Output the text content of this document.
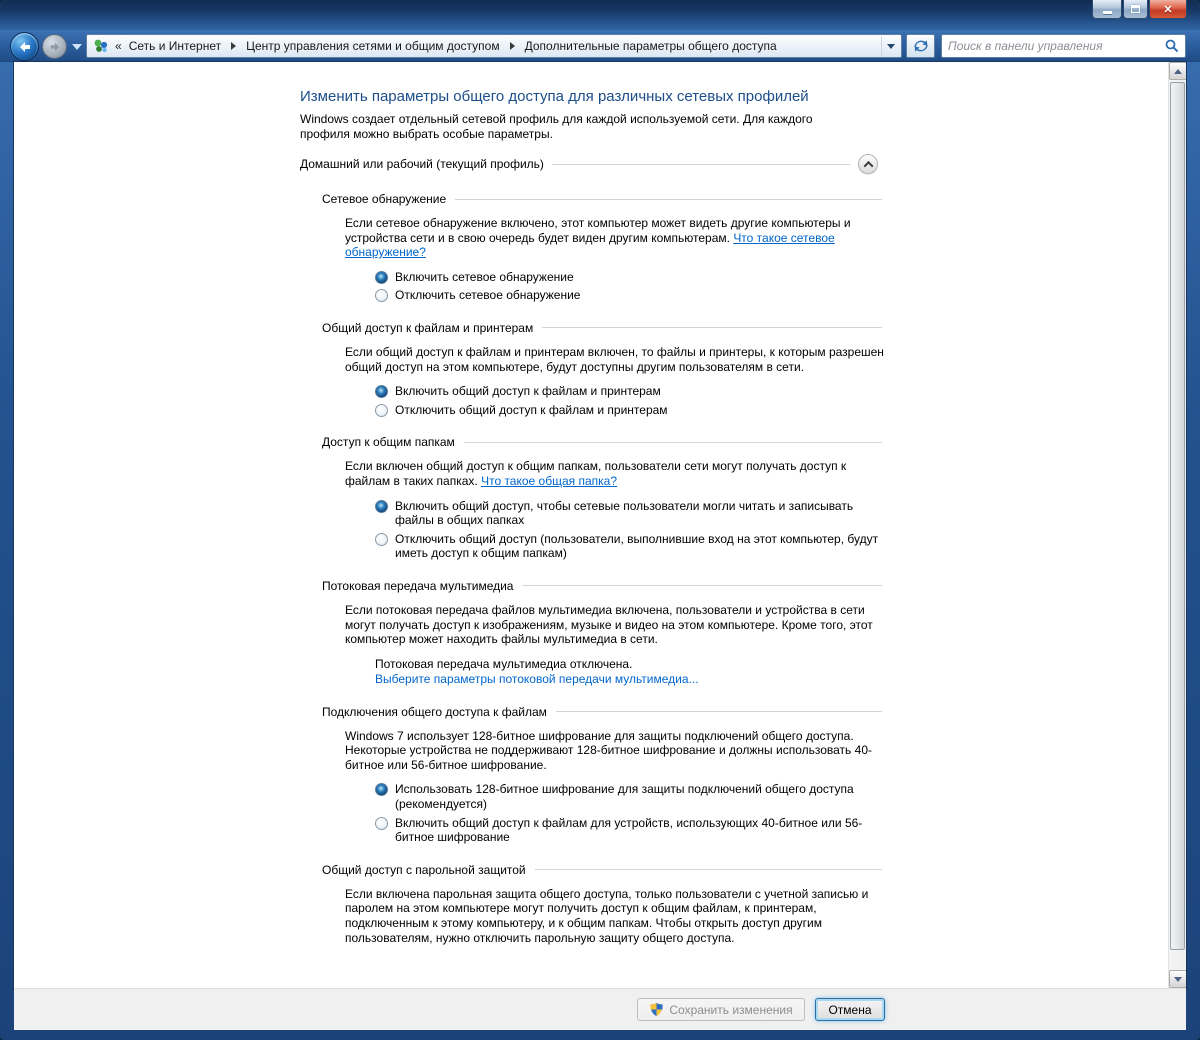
✕
« Сеть и Интернет	Центр управления сетями и общим доступом	Дополнительные параметры общего доступа
Поиск в панели управления
Изменить параметры общего доступа для различных сетевых профилей

Windows создает отдельный сетевой профиль для каждой используемой сети. Для каждого профиля можно выбрать особые параметры.

Домашний или рабочий (текущий профиль)
Сетевое обнаружение

Если сетевое обнаружение включено, этот компьютер может видеть другие компьютеры и устройства сети и в свою очередь будет виден другим компьютерам. Что такое сетевое обнаружение?

Включить сетевое обнаружение
Отключить сетевое обнаружение
Общий доступ к файлам и принтерам

Если общий доступ к файлам и принтерам включен, то файлы и принтеры, к которым разрешен общий доступ на этом компьютере, будут доступны другим пользователям в сети.

Включить общий доступ к файлам и принтерам
Отключить общий доступ к файлам и принтерам
Доступ к общим папкам

Если включен общий доступ к общим папкам, пользователи сети могут получать доступ к файлам в таких папках. Что такое общая папка?

Включить общий доступ, чтобы сетевые пользователи могли читать и записывать файлы в общих папках
Отключить общий доступ (пользователи, выполнившие вход на этот компьютер, будут иметь доступ к общим папкам)
Потоковая передача мультимедиа

Если потоковая передача файлов мультимедиа включена, пользователи и устройства в сети могут получать доступ к изображениям, музыке и видео на этом компьютере. Кроме того, этот компьютер может находить файлы мультимедиа в сети.

Потоковая передача мультимедиа отключена.
Выберите параметры потоковой передачи мультимедиа...
Подключения общего доступа к файлам

Windows 7 использует 128-битное шифрование для защиты подключений общего доступа. Некоторые устройства не поддерживают 128-битное шифрование и должны использовать 40-битное или 56-битное шифрование.

Использовать 128-битное шифрование для защиты подключений общего доступа (рекомендуется)
Включить общий доступ к файлам для устройств, использующих 40-битное или 56-битное шифрование
Общий доступ с парольной защитой

Если включена парольная защита общего доступа, только пользователи с учетной записью и паролем на этом компьютере могут получить доступ к общим файлам, к принтерам, подключенным к этому компьютеру, и к общим папкам. Чтобы открыть доступ другим пользователям, нужно отключить парольную защиту общего доступа.

Сохранить изменения	Отмена
